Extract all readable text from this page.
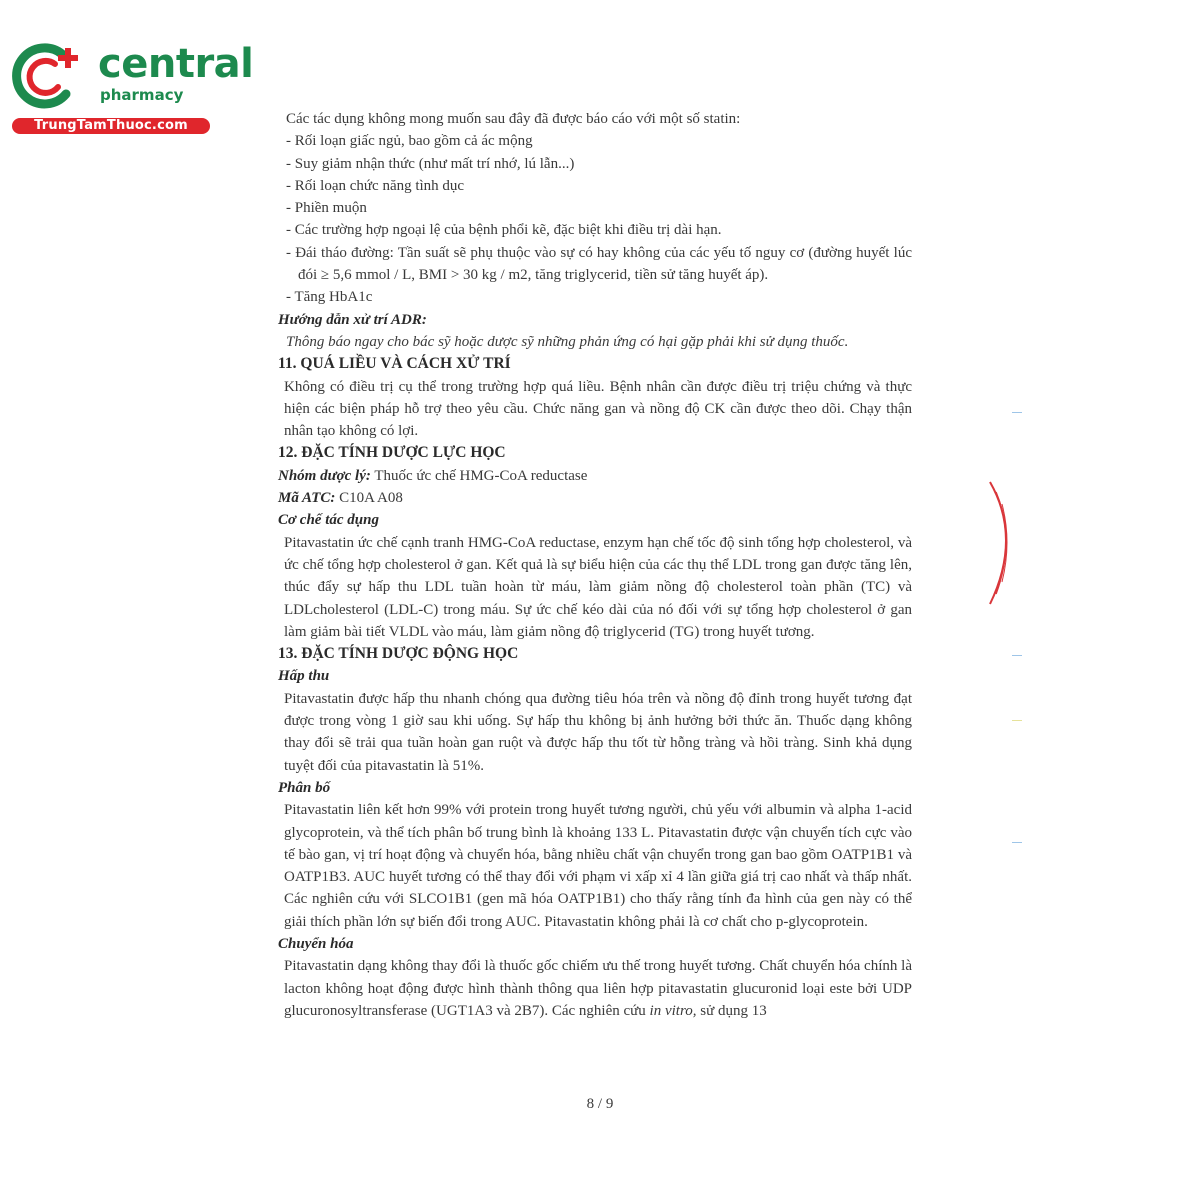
central
pharmacy
TrungTamThuoc.com	Các tác dụng không mong muốn sau đây đã được báo cáo với một số statin:

- Rối loạn giấc ngủ, bao gồm cả ác mộng

- Suy giảm nhận thức (như mất trí nhớ, lú lẫn...)

- Rối loạn chức năng tình dục

- Phiền muộn

- Các trường hợp ngoại lệ của bệnh phổi kẽ, đặc biệt khi điều trị dài hạn.

- Đái tháo đường: Tần suất sẽ phụ thuộc vào sự có hay không của các yếu tố nguy cơ (đường huyết lúc đói ≥ 5,6 mmol / L, BMI > 30 kg / m2, tăng triglycerid, tiền sử tăng huyết áp).

- Tăng HbA1c

Hướng dẫn xử trí ADR:

Thông báo ngay cho bác sỹ hoặc dược sỹ những phản ứng có hại gặp phải khi sử dụng thuốc.

11. QUÁ LIỀU VÀ CÁCH XỬ TRÍ

Không có điều trị cụ thể trong trường hợp quá liều. Bệnh nhân cần được điều trị triệu chứng và thực hiện các biện pháp hỗ trợ theo yêu cầu. Chức năng gan và nồng độ CK cần được theo dõi. Chạy thận nhân tạo không có lợi.

12. ĐẶC TÍNH DƯỢC LỰC HỌC

Nhóm dược lý: Thuốc ức chế HMG-CoA reductase

Mã ATC: C10A A08

Cơ chế tác dụng

Pitavastatin ức chế cạnh tranh HMG-CoA reductase, enzym hạn chế tốc độ sinh tổng hợp cholesterol, và ức chế tổng hợp cholesterol ở gan. Kết quả là sự biểu hiện của các thụ thể LDL trong gan được tăng lên, thúc đẩy sự hấp thu LDL tuần hoàn từ máu, làm giảm nồng độ cholesterol toàn phần (TC) và LDLcholesterol (LDL-C) trong máu. Sự ức chế kéo dài của nó đối với sự tổng hợp cholesterol ở gan làm giảm bài tiết VLDL vào máu, làm giảm nồng độ triglycerid (TG) trong huyết tương.

13. ĐẶC TÍNH DƯỢC ĐỘNG HỌC

Hấp thu

Pitavastatin được hấp thu nhanh chóng qua đường tiêu hóa trên và nồng độ đỉnh trong huyết tương đạt được trong vòng 1 giờ sau khi uống. Sự hấp thu không bị ảnh hưởng bởi thức ăn. Thuốc dạng không thay đổi sẽ trải qua tuần hoàn gan ruột và được hấp thu tốt từ hỗng tràng và hồi tràng. Sinh khả dụng tuyệt đối của pitavastatin là 51%.

Phân bố

Pitavastatin liên kết hơn 99% với protein trong huyết tương người, chủ yếu với albumin và alpha 1-acid glycoprotein, và thể tích phân bố trung bình là khoảng 133 L. Pitavastatin được vận chuyển tích cực vào tế bào gan, vị trí hoạt động và chuyển hóa, bằng nhiều chất vận chuyển trong gan bao gồm OATP1B1 và OATP1B3. AUC huyết tương có thể thay đổi với phạm vi xấp xỉ 4 lần giữa giá trị cao nhất và thấp nhất. Các nghiên cứu với SLCO1B1 (gen mã hóa OATP1B1) cho thấy rằng tính đa hình của gen này có thể giải thích phần lớn sự biến đổi trong AUC. Pitavastatin không phải là cơ chất cho p-glycoprotein.

Chuyển hóa

Pitavastatin dạng không thay đổi là thuốc gốc chiếm ưu thế trong huyết tương. Chất chuyển hóa chính là lacton không hoạt động được hình thành thông qua liên hợp pitavastatin glucuronid loại este bởi UDP glucuronosyltransferase (UGT1A3 và 2B7). Các nghiên cứu in vitro, sử dụng 13

8 / 9
